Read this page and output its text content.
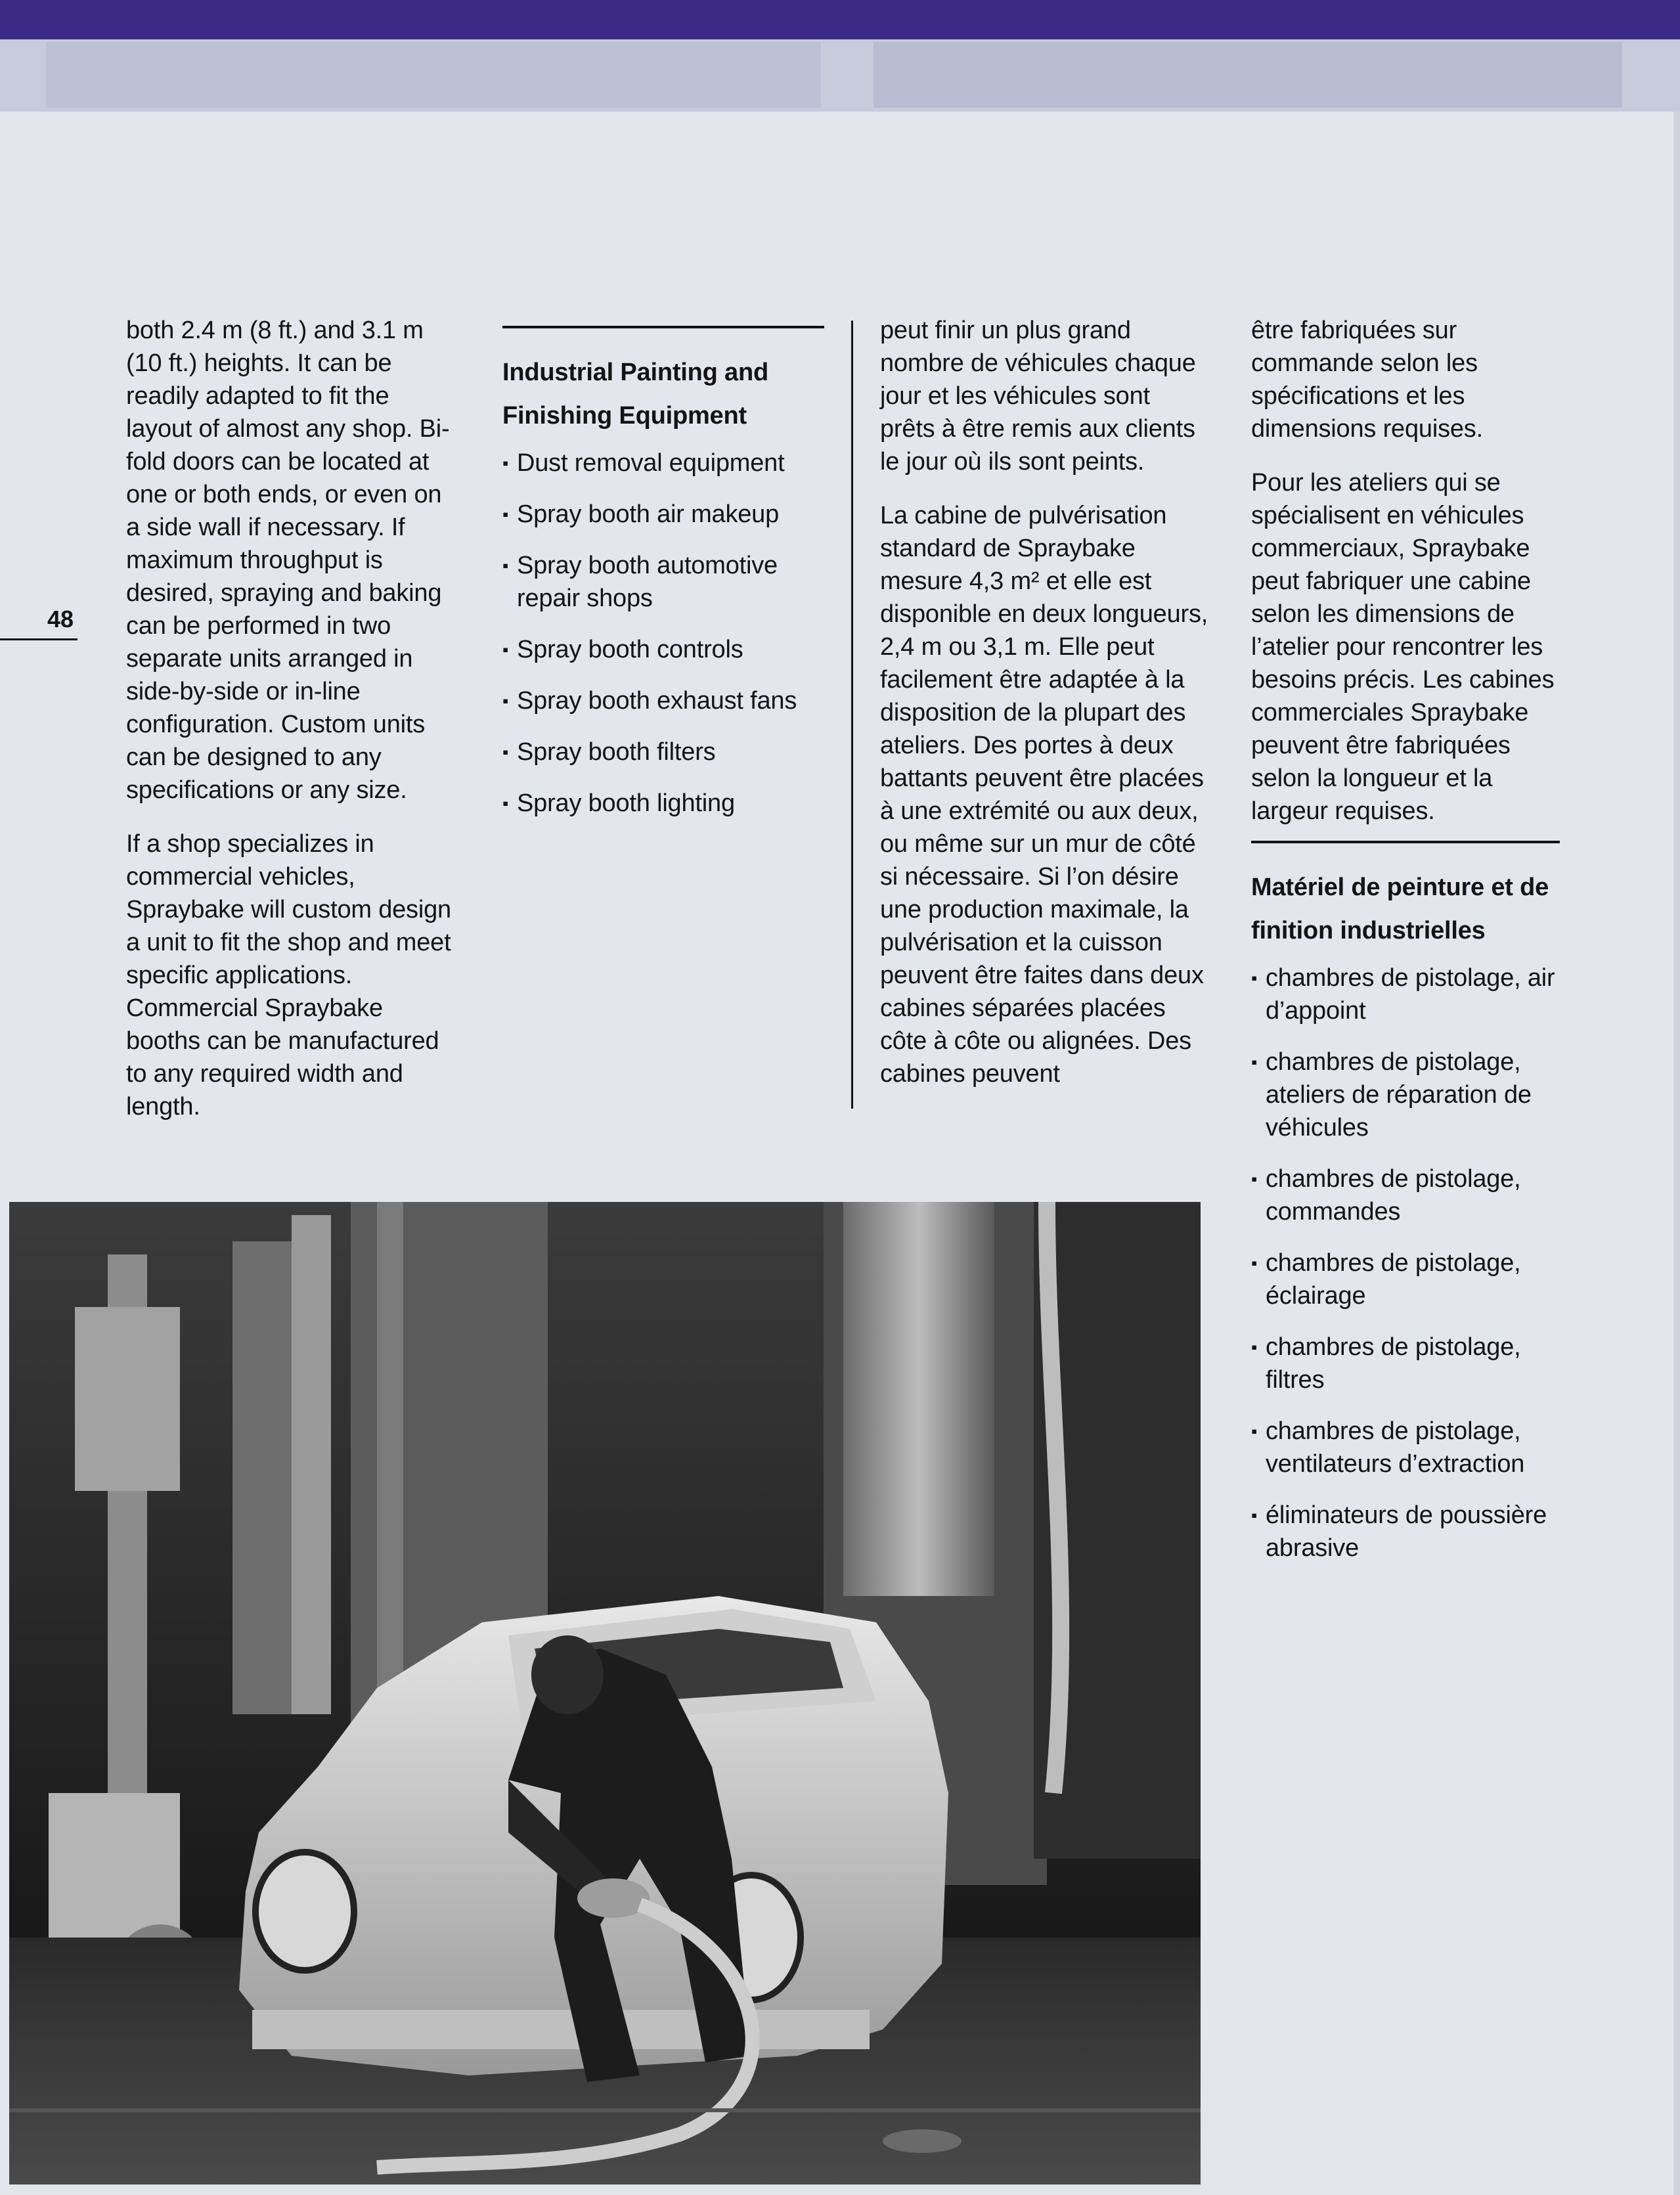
48

both 2.4 m (8 ft.) and 3.1 m (10 ft.) heights. It can be readily adapted to fit the layout of almost any shop. Bi-fold doors can be located at one or both ends, or even on a side wall if necessary. If maximum throughput is desired, spraying and baking can be performed in two separate units arranged in side-by-side or in-line configuration. Custom units can be designed to any specifications or any size.

If a shop specializes in commercial vehicles, Spraybake will custom design a unit to fit the shop and meet specific applications. Commercial Spraybake booths can be manufactured to any required width and length.

Industrial Painting and Finishing Equipment
▪ Dust removal equipment
▪ Spray booth air makeup
▪ Spray booth automotive repair shops
▪ Spray booth controls
▪ Spray booth exhaust fans
▪ Spray booth filters
▪ Spray booth lighting

peut finir un plus grand nombre de véhicules chaque jour et les véhicules sont prêts à être remis aux clients le jour où ils sont peints.

La cabine de pulvérisation standard de Spraybake mesure 4,3 m² et elle est disponible en deux longueurs, 2,4 m ou 3,1 m. Elle peut facilement être adaptée à la disposition de la plupart des ateliers. Des portes à deux battants peuvent être placées à une extrémité ou aux deux, ou même sur un mur de côté si nécessaire. Si l’on désire une production maximale, la pulvérisation et la cuisson peuvent être faites dans deux cabines séparées placées côte à côte ou alignées. Des cabines peuvent

être fabriquées sur commande selon les spécifications et les dimensions requises.

Pour les ateliers qui se spécialisent en véhicules commerciaux, Spraybake peut fabriquer une cabine selon les dimensions de l’atelier pour rencontrer les besoins précis. Les cabines commerciales Spraybake peuvent être fabriquées selon la longueur et la largeur requises.

Matériel de peinture et de finition industrielles
▪ chambres de pistolage, air d’appoint
▪ chambres de pistolage, ateliers de réparation de véhicules
▪ chambres de pistolage, commandes
▪ chambres de pistolage, éclairage
▪ chambres de pistolage, filtres
▪ chambres de pistolage, ventilateurs d’extraction
▪ éliminateurs de poussière abrasive
